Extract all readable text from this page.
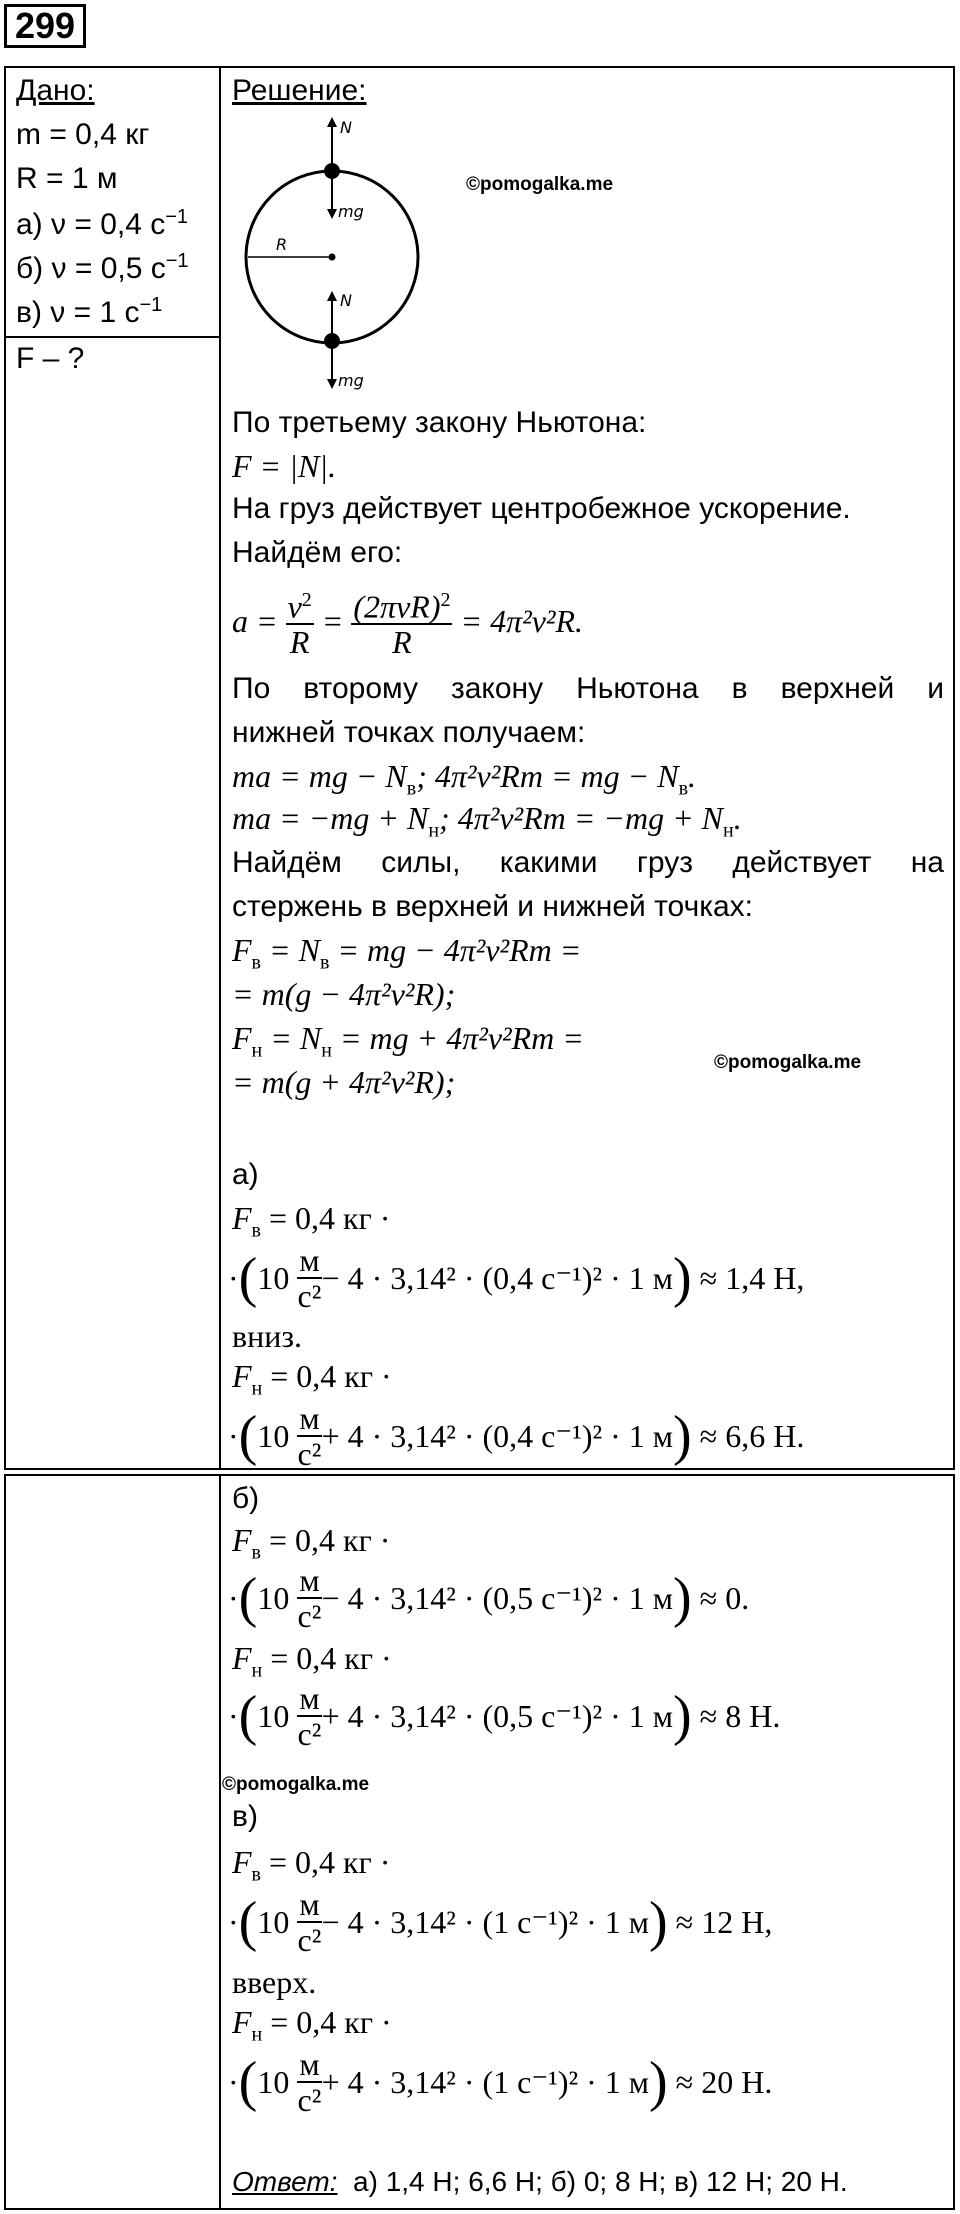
299
Дано:
m = 0,4 кг
R = 1 м
а) ν = 0,4 $с^{-1}$
б) ν = 0,5 $с^{-1}$
в) ν = 1 $с^{-1}$
F – ?
Решение:
N
mg
R
N
mg
©pomogalka.me
По третьему закону Ньютона:
F = |N|.
На груз действует центробежное ускорение.
Найдём его:
a =
$\frac{v^2}{R}$
=
$\frac{(2\pi\nu R)^2}{R}$
= 4π²ν²R.
По второму закону Ньютона в верхней и
нижней точках получаем:
ma = mg − $N_в$; 4π²ν²Rm = mg − $N_в$.
ma = $-mg + N_н$; $4\pi^2\nu^2Rm = -mg + N_н$.
Найдём силы, какими груз действует на
стержень в верхней и нижней точках:
$F_в = N_в$ = mg − 4π²ν²Rm =
= m(g − 4π²ν²R);
$F_н = N_н$ = mg + 4π²ν²Rm =
©pomogalka.me
= m(g + 4π²ν²R);
а)
$F_в = 0,4$ кг ·
· ( 10
$\frac{м}{\text{с²}} - 4 \cdot 3,14^2 \cdot (0,4$ с⁻¹)² · 1 м )
≈ 1,4 Н,
вниз.
$F_н = 0,4$ кг ·
· ( 10
$\frac{м}{\text{с²}} + 4 \cdot 3,14^2 \cdot (0,4$ с⁻¹)² · 1 м )
≈ 6,6 Н.
б)
$F_в = 0,4$ кг ·
· ( 10
$\frac{м}{\text{с²}} - 4 \cdot 3,14^2 \cdot (0,5$ с⁻¹)² · 1 м )
≈ 0.
$F_н = 0,4$ кг ·
· ( 10
$\frac{м}{\text{с²}} + 4 \cdot 3,14^2 \cdot (0,5$ с⁻¹)² · 1 м )
≈ 8 Н.
©pomogalka.me
в)
$F_в = 0,4$ кг ·
· ( 10
$\frac{м}{\text{с²}} - 4 \cdot 3,14^2 \cdot (1$ с⁻¹)² · 1 м )
≈ 12 Н,
вверх.
$F_н = 0,4$ кг ·
· ( 10
$\frac{м}{\text{с²}} + 4 \cdot 3,14^2 \cdot (1$ с⁻¹)² · 1 м )
≈ 20 Н.
Ответ: а) 1,4 Н; 6,6 Н; б) 0; 8 Н; в) 12 Н; 20 Н.
